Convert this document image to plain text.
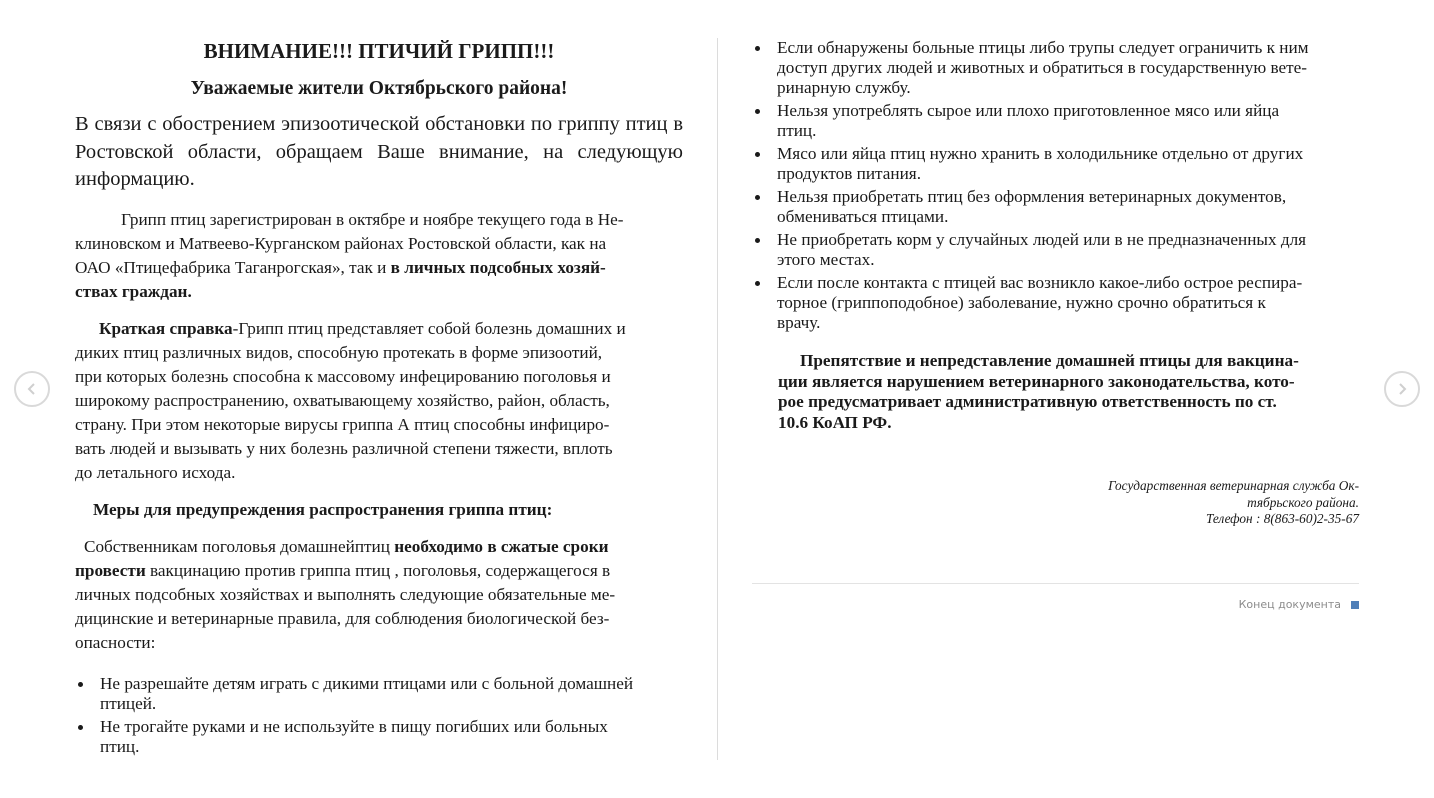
ВНИМАНИЕ!!! ПТИЧИЙ ГРИПП!!!

Уважаемые жители Октябрьского района!

В связи с обострением эпизоотической обстановки по гриппу птиц в Ростовской области, обращаем Ваше внимание, на следующую информацию.

Грипп птиц зарегистрирован в октябре и ноябре текущего года в Не-
клиновском и Матвеево-Курганском районах Ростовской области, как на
ОАО «Птицефабрика Таганрогская», так и в личных подсобных хозяй-
ствах граждан.

Краткая справка-Грипп птиц представляет собой болезнь домашних и
диких птиц различных видов, способную протекать в форме эпизоотий,
при которых болезнь способна к массовому инфецированию поголовья и
широкому распространению, охватывающему хозяйство, район, область,
страну. При этом некоторые вирусы гриппа А птиц способны инфициро-
вать людей и вызывать у них болезнь различной степени тяжести, вплоть
до летального исхода.

Меры для предупреждения распространения гриппа птиц:

Собственникам поголовья домашнейптиц необходимо в сжатые сроки
провести вакцинацию против гриппа птиц , поголовья, содержащегося в
личных подсобных хозяйствах и выполнять следующие обязательные ме-
дицинские и ветеринарные правила, для соблюдения биологической без-
опасности:

Не разрешайте детям играть с дикими птицами или с больной домашней
птицей.
Не трогайте руками и не используйте в пищу погибших или больных
птиц.
Если обнаружены больные птицы либо трупы следует ограничить к ним
доступ других людей и животных и обратиться в государственную вете-
ринарную службу.
Нельзя употреблять сырое или плохо приготовленное мясо или яйца
птиц.
Мясо или яйца птиц нужно хранить в холодильнике отдельно от других
продуктов питания.
Нельзя приобретать птиц без оформления ветеринарных документов,
обмениваться птицами.
Не приобретать корм у случайных людей или в не предназначенных для
этого местах.
Если после контакта с птицей вас возникло какое-либо острое респира-
торное (гриппоподобное) заболевание, нужно срочно обратиться к
врачу.

Препятствие и непредставление домашней птицы для вакцина-
ции является нарушением ветеринарного законодательства, кото-
рое предусматривает административную ответственность по ст.
10.6 КоАП РФ.

Государственная ветеринарная служба Ок-
тябрьского района.
Телефон : 8(863-60)2-35-67
Конец документа
